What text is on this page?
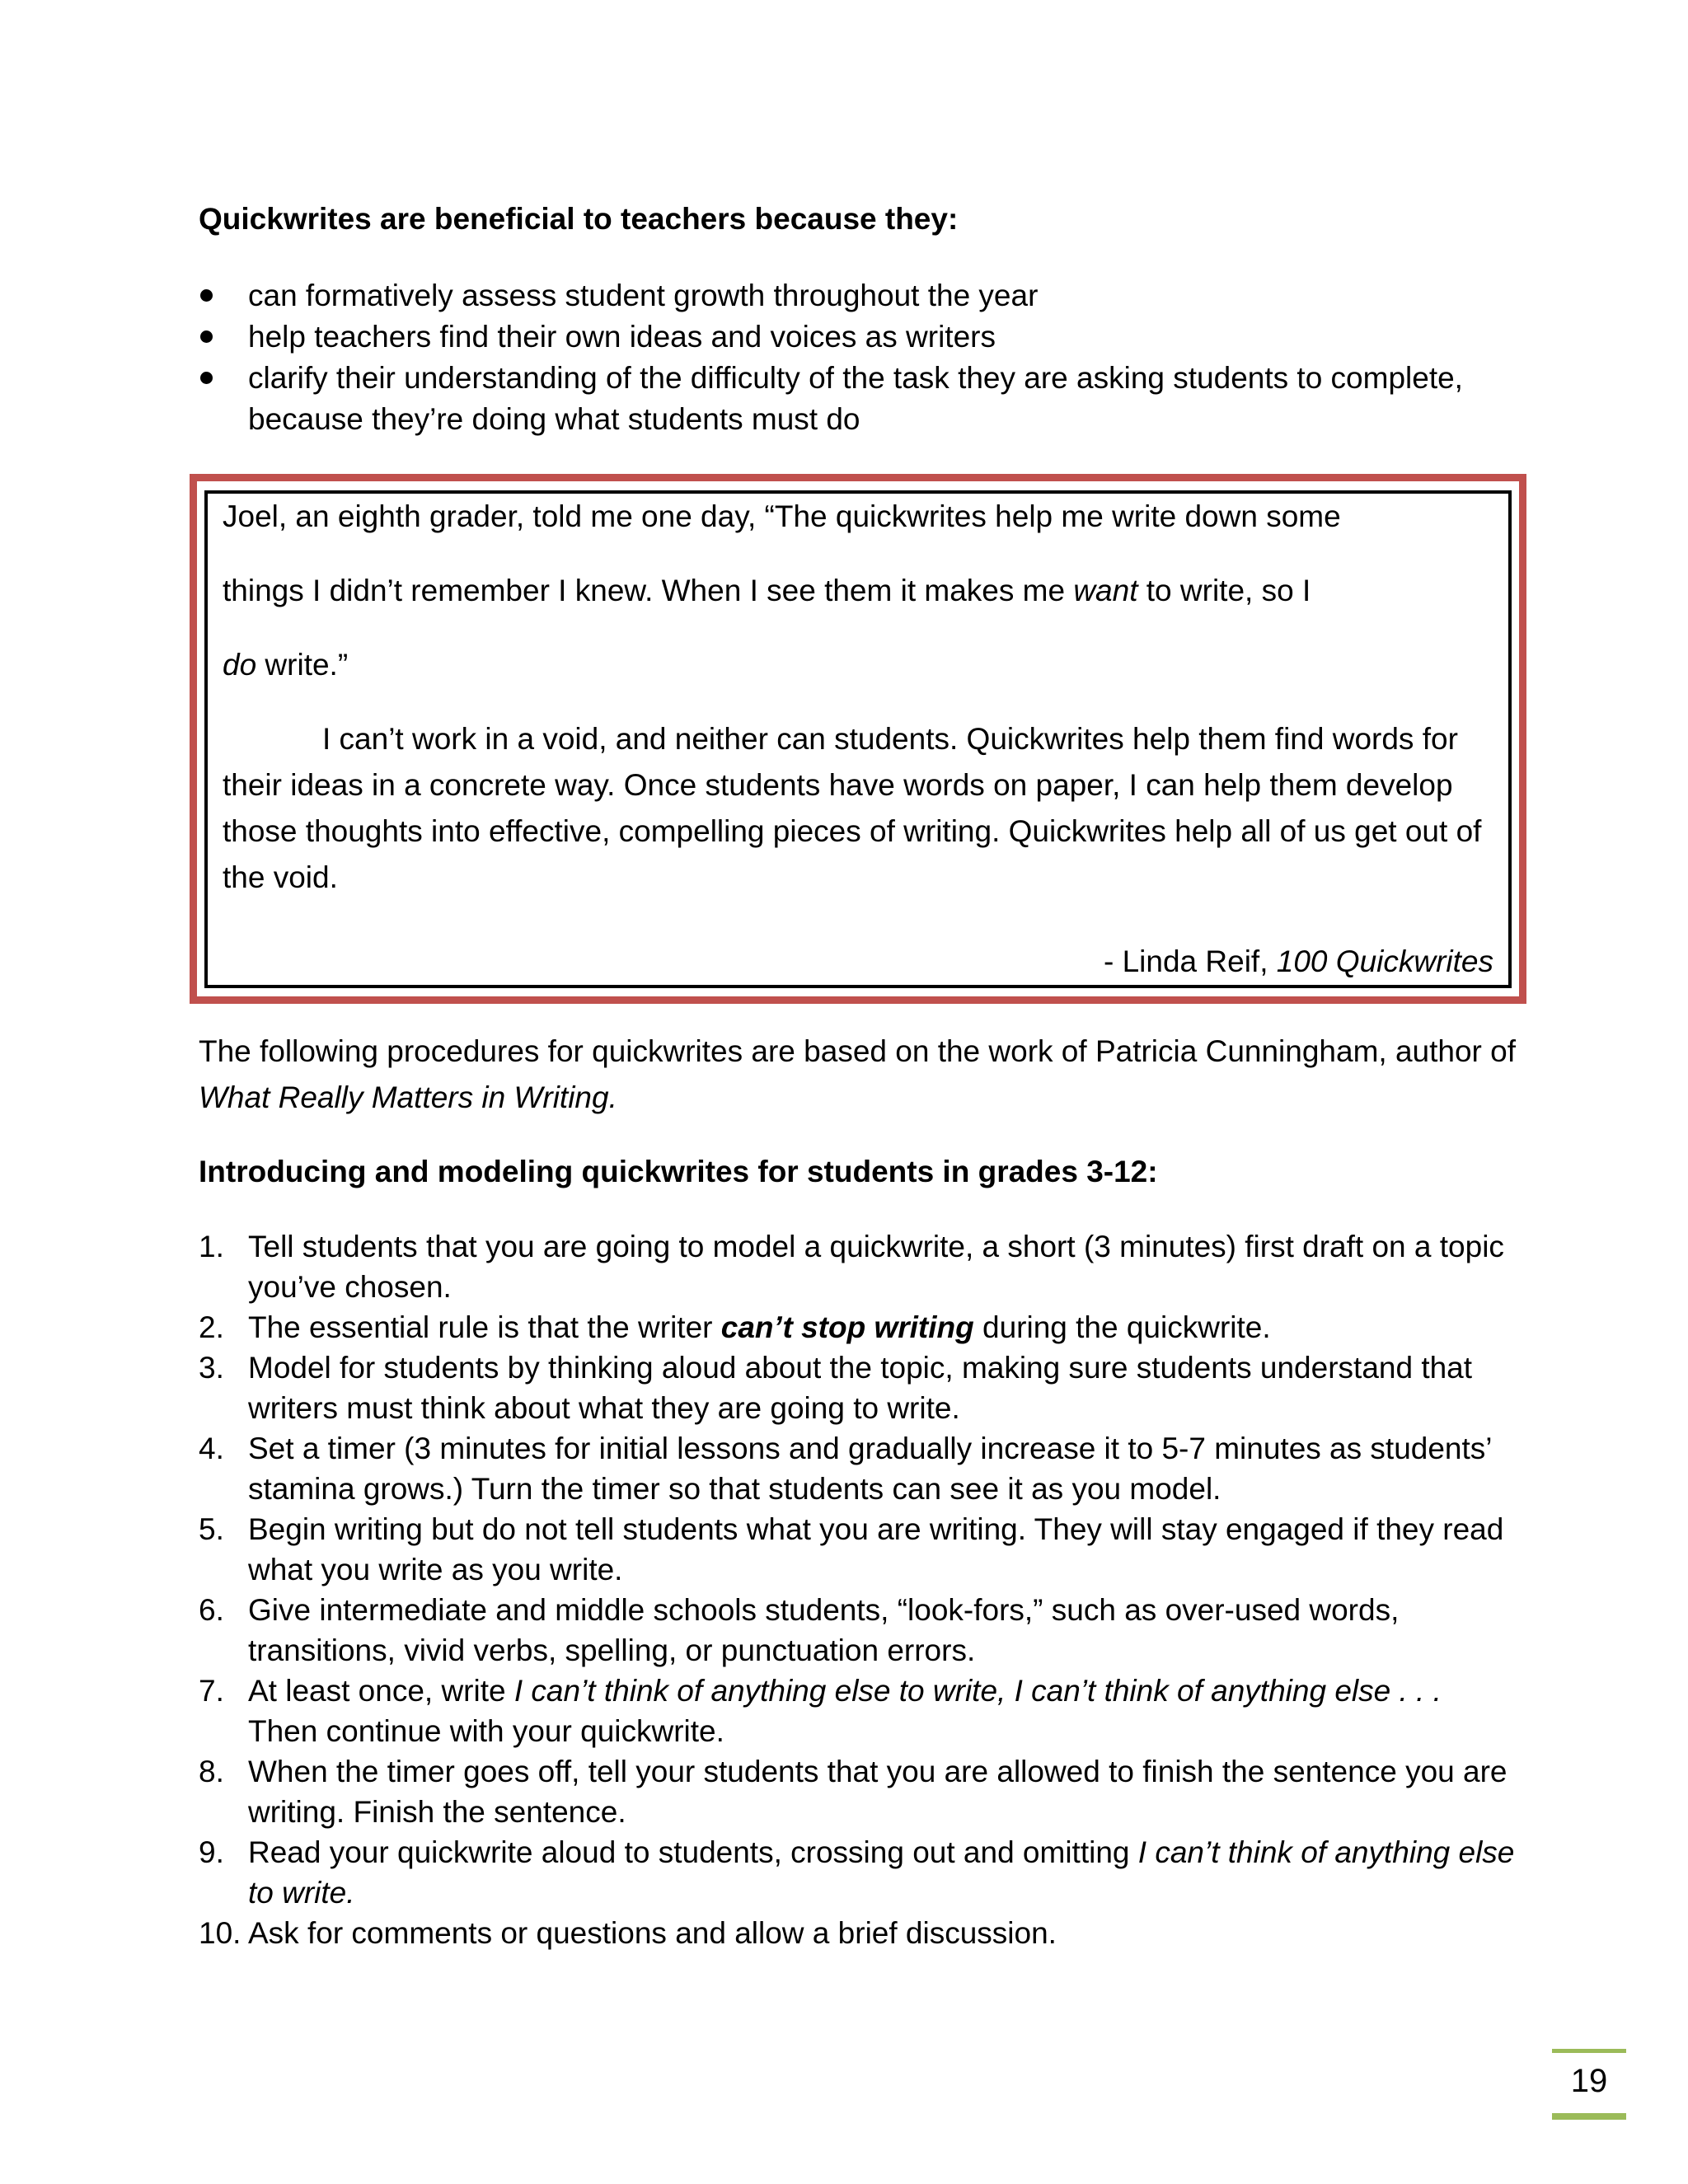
Quickwrites are beneficial to teachers because they:
can formatively assess student growth throughout the year
help teachers find their own ideas and voices as writers
clarify their understanding of the difficulty of the task they are asking students to complete, because they’re doing what students must do
Joel, an eighth grader, told me one day, “The quickwrites help me write down some
things I didn’t remember I knew. When I see them it makes me want to write, so I
do write.”
I can’t work in a void, and neither can students. Quickwrites help them find words for their ideas in a concrete way. Once students have words on paper, I can help them develop those thoughts into effective, compelling pieces of writing. Quickwrites help all of us get out of the void.
- Linda Reif, 100 Quickwrites
The following procedures for quickwrites are based on the work of Patricia Cunningham, author of What Really Matters in Writing.
Introducing and modeling quickwrites for students in grades 3-12:
1. Tell students that you are going to model a quickwrite, a short (3 minutes) first draft on a topic you’ve chosen.
2. The essential rule is that the writer can’t stop writing during the quickwrite.
3. Model for students by thinking aloud about the topic, making sure students understand that writers must think about what they are going to write.
4. Set a timer (3 minutes for initial lessons and gradually increase it to 5-7 minutes as students’ stamina grows.) Turn the timer so that students can see it as you model.
5. Begin writing but do not tell students what you are writing. They will stay engaged if they read what you write as you write.
6. Give intermediate and middle schools students, “look-fors,” such as over-used words, transitions, vivid verbs, spelling, or punctuation errors.
7. At least once, write I can’t think of anything else to write, I can’t think of anything else . . . Then continue with your quickwrite.
8. When the timer goes off, tell your students that you are allowed to finish the sentence you are writing. Finish the sentence.
9. Read your quickwrite aloud to students, crossing out and omitting I can’t think of anything else to write.
10. Ask for comments or questions and allow a brief discussion.
19
